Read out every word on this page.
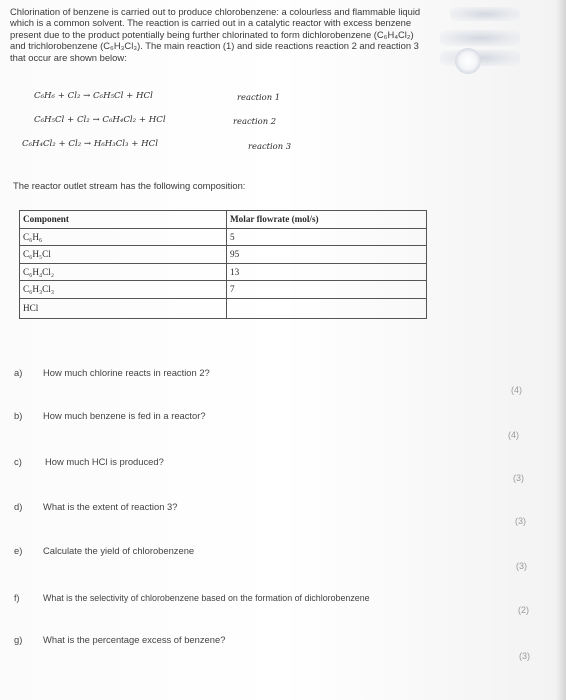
Chlorination of benzene is carried out to produce chlorobenzene: a colourless and flammable liquid

which is a common solvent. The reaction is carried out in a catalytic reactor with excess benzene

present due to the product potentially being further chlorinated to form dichlorobenzene (C₆H₄Cl₂)

and trichlorobenzene (C₆H₃Cl₃). The main reaction (1) and side reactions reaction 2 and reaction 3

that occur are shown below:

C₆H₆ + Cl₂ → C₆H₅Cl + HCl	reaction 1
C₆H₅Cl + Cl₂ → C₆H₄Cl₂ + HCl	reaction 2
C₆H₄Cl₂ + Cl₂ → H₆H₃Cl₃ + HCl	reaction 3
The reactor outlet stream has the following composition:
Component	Molar flowrate (mol/s)
C₆H₆	5
C₆H₅Cl	95
C₆H₄Cl₂	13
C₆H₃Cl₃	7
HCl	
a) How much chlorine reacts in reaction 2?
(4)
b) How much benzene is fed in a reactor?
(4)
c) How much HCl is produced?
(3)
d) What is the extent of reaction 3?
(3)
e) Calculate the yield of chlorobenzene
(3)
f)	What is the selectivity of chlorobenzene based on the formation of dichlorobenzene
(2)
g) What is the percentage excess of benzene?
(3)
